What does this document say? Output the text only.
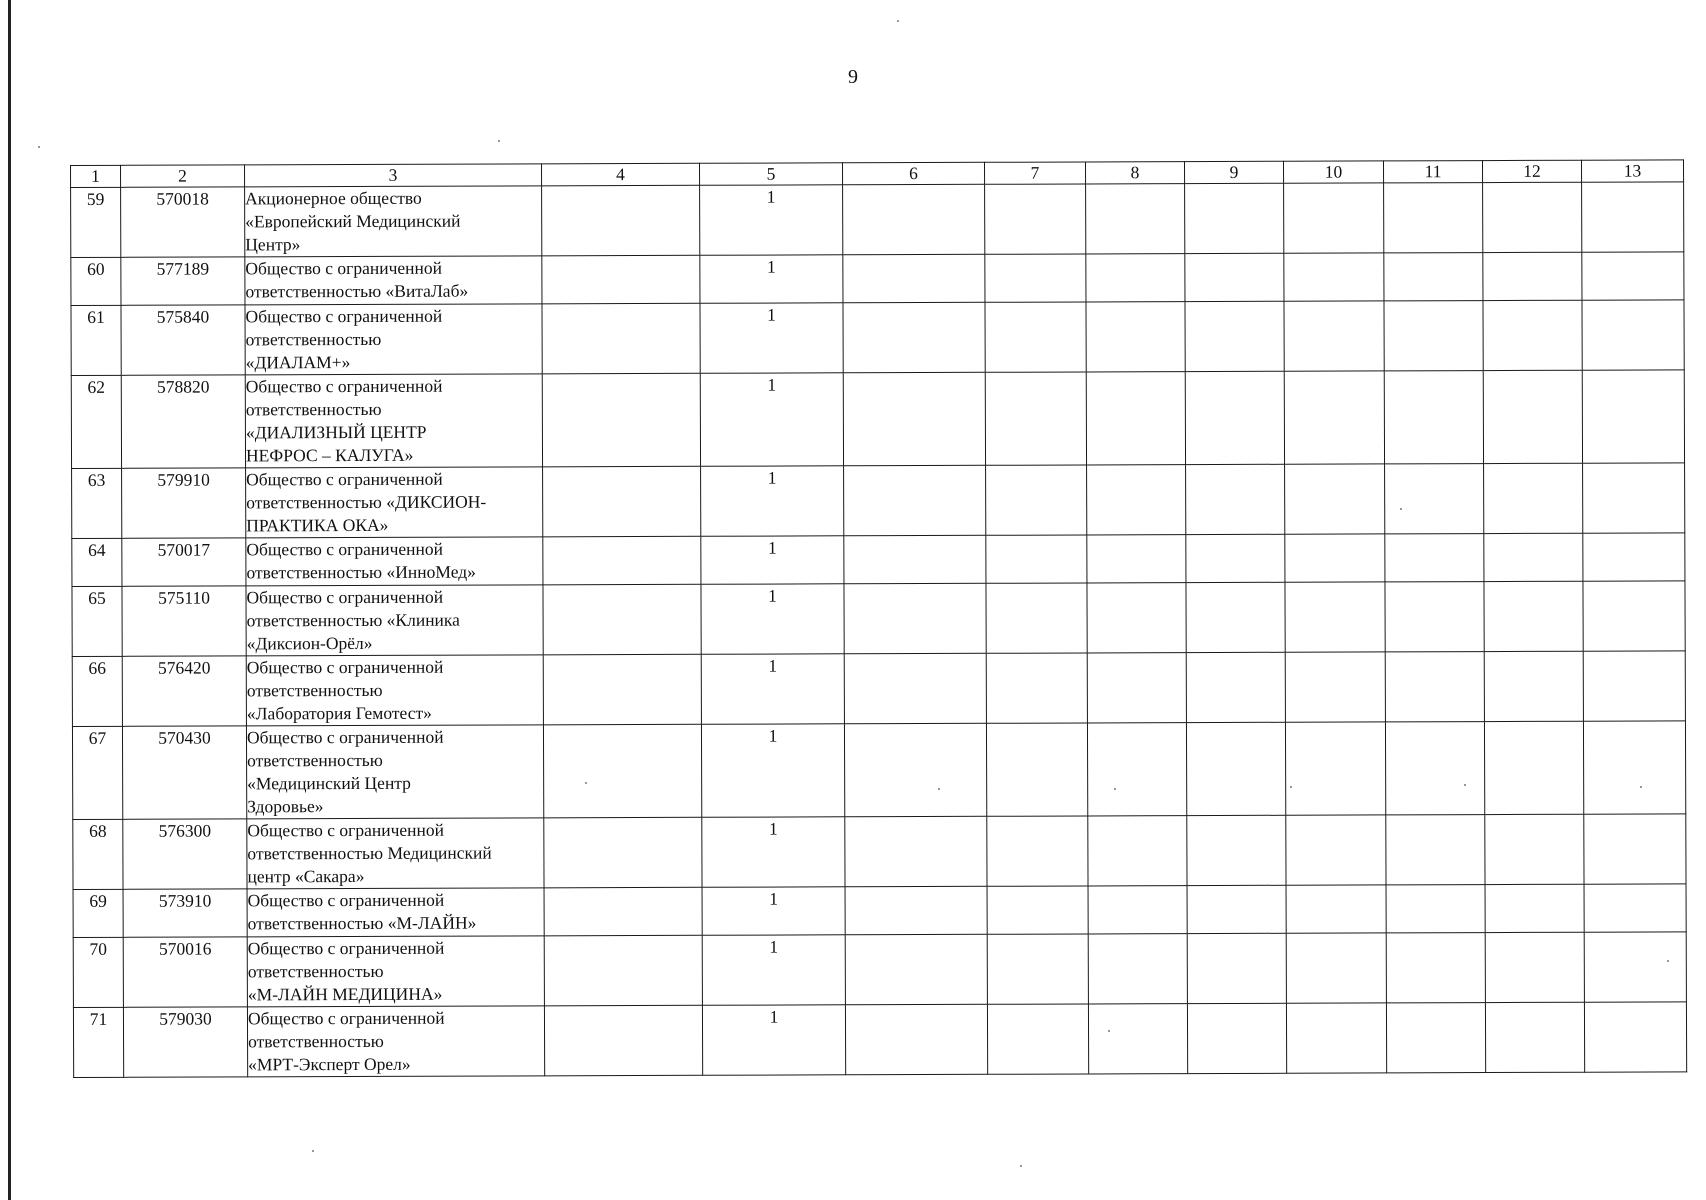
9
1	2	3	4	5	6	7	8	9	10	11	12	13
59	570018	Акционерное общество
«Европейский Медицинский
Центр»		1								
60	577189	Общество с ограниченной
ответственностью «ВитаЛаб»		1								
61	575840	Общество с ограниченной
ответственностью
«ДИАЛАМ+»		1								
62	578820	Общество с ограниченной
ответственностью
«ДИАЛИЗНЫЙ ЦЕНТР
НЕФРОС – КАЛУГА»		1								
63	579910	Общество с ограниченной
ответственностью «ДИКСИОН-
ПРАКТИКА ОКА»		1								
64	570017	Общество с ограниченной
ответственностью «ИнноМед»		1								
65	575110	Общество с ограниченной
ответственностью «Клиника
«Диксион-Орёл»		1								
66	576420	Общество с ограниченной
ответственностью
«Лаборатория Гемотест»		1								
67	570430	Общество с ограниченной
ответственностью
«Медицинский Центр
Здоровье»		1								
68	576300	Общество с ограниченной
ответственностью Медицинский
центр «Сакара»		1								
69	573910	Общество с ограниченной
ответственностью «М-ЛАЙН»		1								
70	570016	Общество с ограниченной
ответственностью
«М-ЛАЙН МЕДИЦИНА»		1								
71	579030	Общество с ограниченной
ответственностью
«МРТ-Эксперт Орел»		1								
